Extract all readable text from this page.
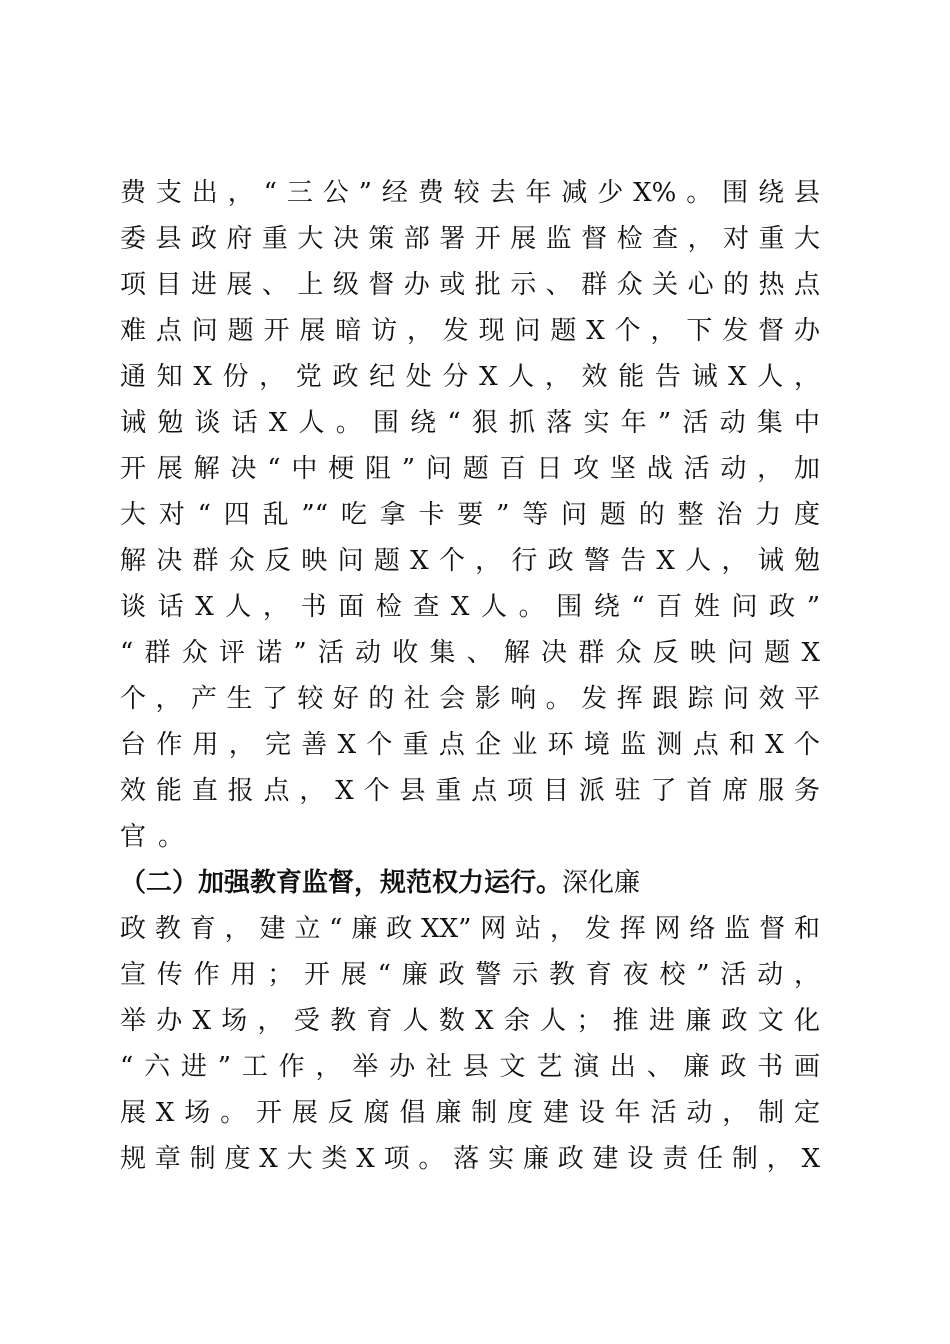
费支出，“三公”经费较去年减少X%。围绕县
委县政府重大决策部署开展监督检查，对重大
项目进展、上级督办或批示、群众关心的热点
难点问题开展暗访，发现问题X个，下发督办
通知X份，党政纪处分X人，效能告诫X人，
诫勉谈话X人。围绕“狠抓落实年”活动集中
开展解决“中梗阻”问题百日攻坚战活动，加
大对“四乱”“吃拿卡要”等问题的整治力度
解决群众反映问题X个，行政警告X人，诫勉
谈话X人，书面检查X人。围绕“百姓问政”
“群众评诺”活动收集、解决群众反映问题X
个，产生了较好的社会影响。发挥跟踪问效平
台作用，完善X个重点企业环境监测点和X个
效能直报点，X个县重点项目派驻了首席服务
官。
（二）加强教育监督，规范权力运行。深化廉
政教育，建立“廉政XX”网站，发挥网络监督和
宣传作用；开展“廉政警示教育夜校”活动，
举办X场，受教育人数X余人；推进廉政文化
“六进”工作，举办社县文艺演出、廉政书画
展X场。开展反腐倡廉制度建设年活动，制定
规章制度X大类X项。落实廉政建设责任制，X
